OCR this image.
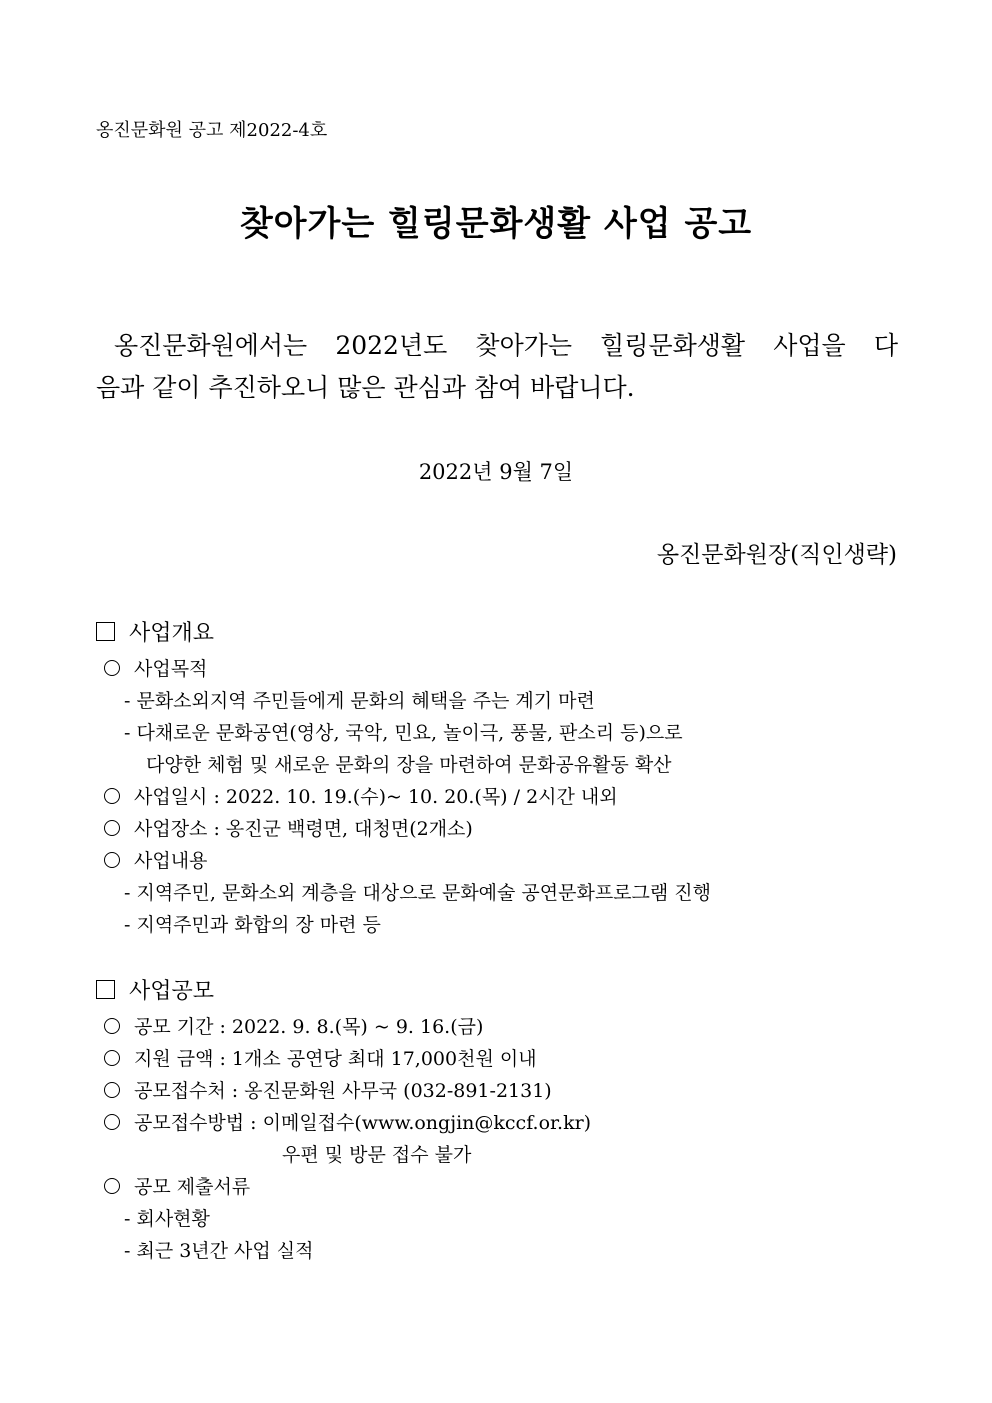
옹진문화원 공고 제2022-4호
찾아가는 힐링문화생활 사업 공고
옹진문화원에서는 2022년도 찾아가는 힐링문화생활 사업을 다
음과 같이 추진하오니 많은 관심과 참여 바랍니다.
2022년 9월 7일
옹진문화원장(직인생략)
사업개요
사업목적
- 문화소외지역 주민들에게 문화의 혜택을 주는 계기 마련
- 다채로운 문화공연(영상, 국악, 민요, 놀이극, 풍물, 판소리 등)으로
다양한 체험 및 새로운 문화의 장을 마련하여 문화공유활동 확산
사업일시 : 2022. 10. 19.(수)~ 10. 20.(목) / 2시간 내외
사업장소 : 옹진군 백령면, 대청면(2개소)
사업내용
- 지역주민, 문화소외 계층을 대상으로 문화예술 공연문화프로그램 진행
- 지역주민과 화합의 장 마련 등
사업공모
공모 기간 : 2022. 9. 8.(목) ~ 9. 16.(금)
지원 금액 : 1개소 공연당 최대 17,000천원 이내
공모접수처 : 옹진문화원 사무국 (032-891-2131)
공모접수방법 : 이메일접수(www.ongjin@kccf.or.kr)
우편 및 방문 접수 불가
공모 제출서류
- 회사현황
- 최근 3년간 사업 실적
